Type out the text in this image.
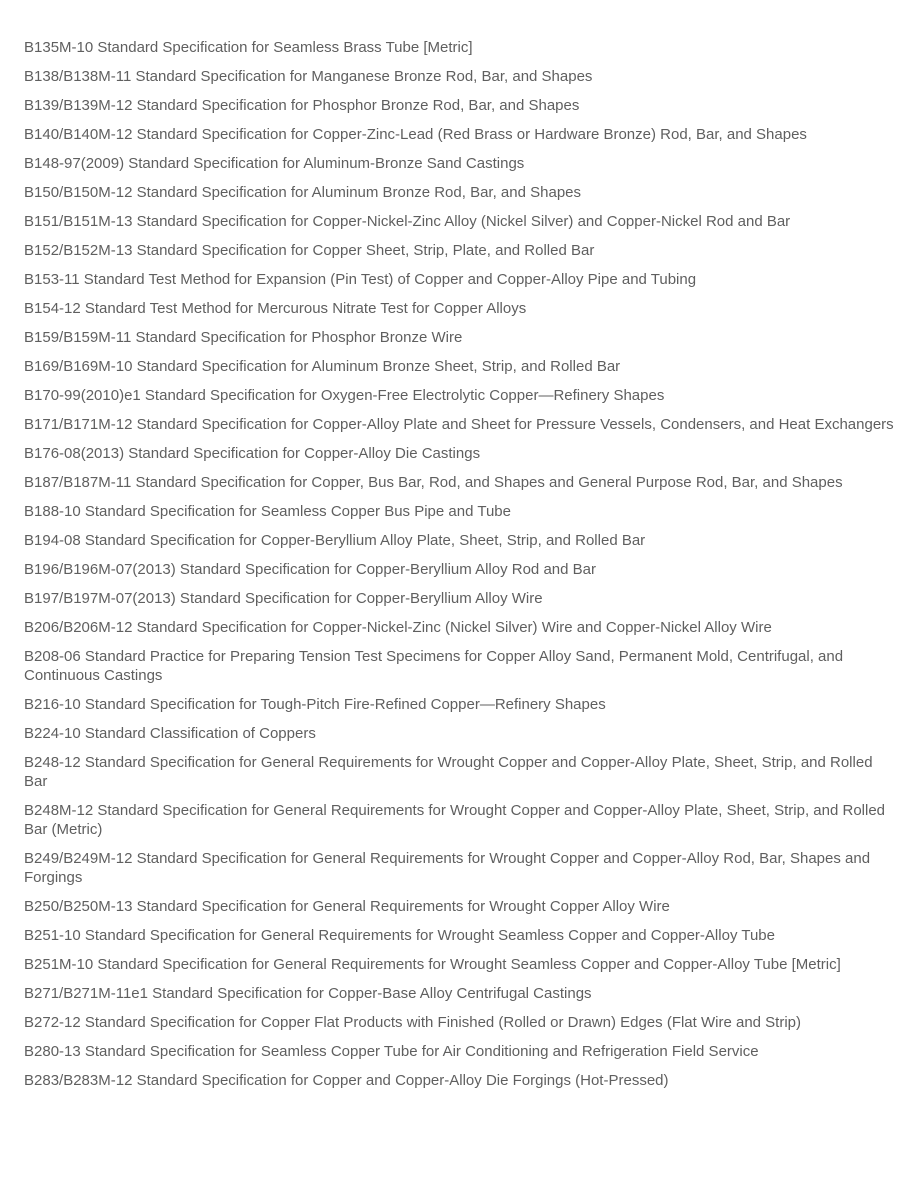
B135M-10 Standard Specification for Seamless Brass Tube [Metric]
B138/B138M-11 Standard Specification for Manganese Bronze Rod, Bar, and Shapes
B139/B139M-12 Standard Specification for Phosphor Bronze Rod, Bar, and Shapes
B140/B140M-12 Standard Specification for Copper-Zinc-Lead (Red Brass or Hardware Bronze) Rod, Bar, and Shapes
B148-97(2009) Standard Specification for Aluminum-Bronze Sand Castings
B150/B150M-12 Standard Specification for Aluminum Bronze Rod, Bar, and Shapes
B151/B151M-13 Standard Specification for Copper-Nickel-Zinc Alloy (Nickel Silver) and Copper-Nickel Rod and Bar
B152/B152M-13 Standard Specification for Copper Sheet, Strip, Plate, and Rolled Bar
B153-11 Standard Test Method for Expansion (Pin Test) of Copper and Copper-Alloy Pipe and Tubing
B154-12 Standard Test Method for Mercurous Nitrate Test for Copper Alloys
B159/B159M-11 Standard Specification for Phosphor Bronze Wire
B169/B169M-10 Standard Specification for Aluminum Bronze Sheet, Strip, and Rolled Bar
B170-99(2010)e1 Standard Specification for Oxygen-Free Electrolytic Copper—Refinery Shapes
B171/B171M-12 Standard Specification for Copper-Alloy Plate and Sheet for Pressure Vessels, Condensers, and Heat Exchangers
B176-08(2013) Standard Specification for Copper-Alloy Die Castings
B187/B187M-11 Standard Specification for Copper, Bus Bar, Rod, and Shapes and General Purpose Rod, Bar, and Shapes
B188-10 Standard Specification for Seamless Copper Bus Pipe and Tube
B194-08 Standard Specification for Copper-Beryllium Alloy Plate, Sheet, Strip, and Rolled Bar
B196/B196M-07(2013) Standard Specification for Copper-Beryllium Alloy Rod and Bar
B197/B197M-07(2013) Standard Specification for Copper-Beryllium Alloy Wire
B206/B206M-12 Standard Specification for Copper-Nickel-Zinc (Nickel Silver) Wire and Copper-Nickel Alloy Wire
B208-06 Standard Practice for Preparing Tension Test Specimens for Copper Alloy Sand, Permanent Mold, Centrifugal, and Continuous Castings
B216-10 Standard Specification for Tough-Pitch Fire-Refined Copper—Refinery Shapes
B224-10 Standard Classification of Coppers
B248-12 Standard Specification for General Requirements for Wrought Copper and Copper-Alloy Plate, Sheet, Strip, and Rolled Bar
B248M-12 Standard Specification for General Requirements for Wrought Copper and Copper-Alloy Plate, Sheet, Strip, and Rolled Bar (Metric)
B249/B249M-12 Standard Specification for General Requirements for Wrought Copper and Copper-Alloy Rod, Bar, Shapes and Forgings
B250/B250M-13 Standard Specification for General Requirements for Wrought Copper Alloy Wire
B251-10 Standard Specification for General Requirements for Wrought Seamless Copper and Copper-Alloy Tube
B251M-10 Standard Specification for General Requirements for Wrought Seamless Copper and Copper-Alloy Tube [Metric]
B271/B271M-11e1 Standard Specification for Copper-Base Alloy Centrifugal Castings
B272-12 Standard Specification for Copper Flat Products with Finished (Rolled or Drawn) Edges (Flat Wire and Strip)
B280-13 Standard Specification for Seamless Copper Tube for Air Conditioning and Refrigeration Field Service
B283/B283M-12 Standard Specification for Copper and Copper-Alloy Die Forgings (Hot-Pressed)
